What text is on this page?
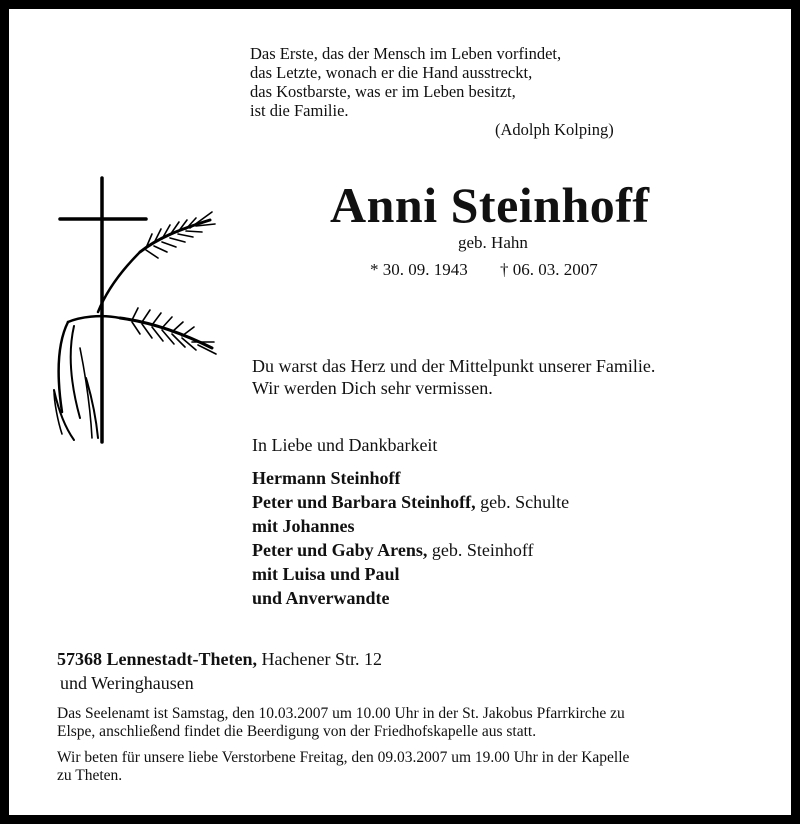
Das Erste, das der Mensch im Leben vorfindet,
das Letzte, wonach er die Hand ausstreckt,
das Kostbarste, was er im Leben besitzt,
ist die Familie.
(Adolph Kolping)
Anni Steinhoff
geb. Hahn
* 30. 09. 1943 † 06. 03. 2007
Du warst das Herz und der Mittelpunkt unserer Familie.
Wir werden Dich sehr vermissen.
In Liebe und Dankbarkeit
Hermann Steinhoff
Peter und Barbara Steinhoff, geb. Schulte
mit Johannes
Peter und Gaby Arens, geb. Steinhoff
mit Luisa und Paul
und Anverwandte
57368 Lennestadt-Theten, Hachener Str. 12
und Weringhausen
Das Seelenamt ist Samstag, den 10.03.2007 um 10.00 Uhr in der St. Jakobus Pfarrkirche zu
Elspe, anschließend findet die Beerdigung von der Friedhofskapelle aus statt.
Wir beten für unsere liebe Verstorbene Freitag, den 09.03.2007 um 19.00 Uhr in der Kapelle
zu Theten.
